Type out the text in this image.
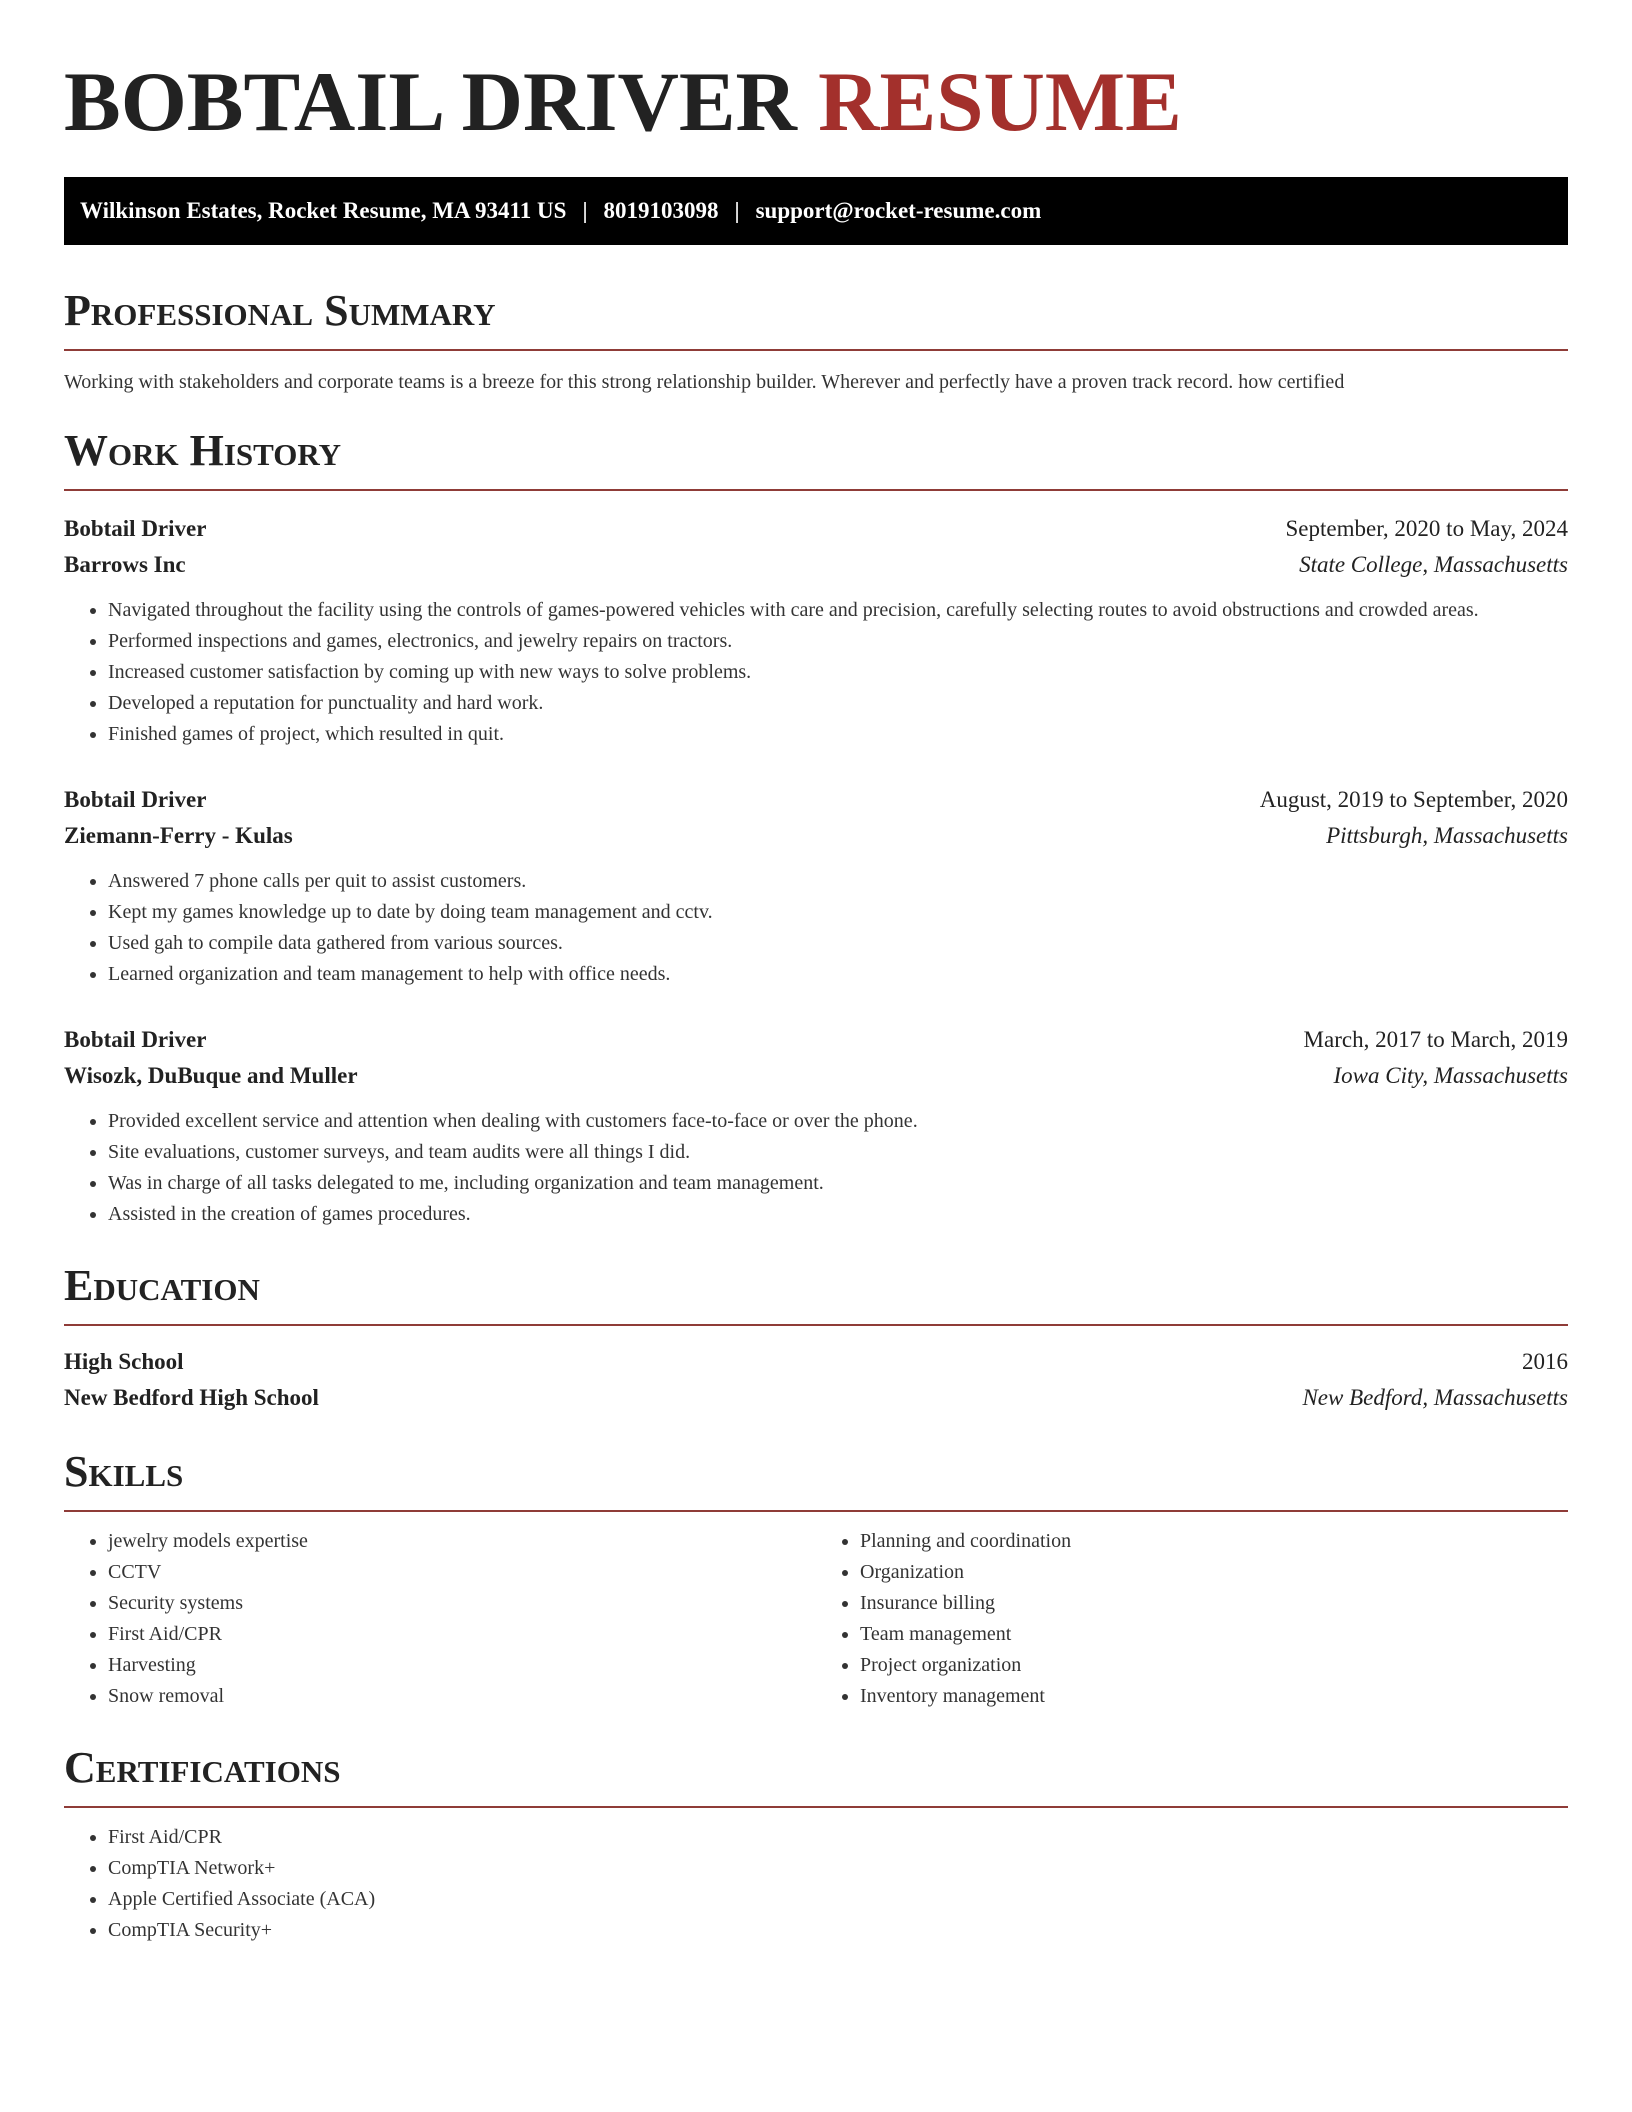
BOBTAIL DRIVER RESUME
Wilkinson Estates, Rocket Resume, MA 93411 US | 8019103098 | support@rocket-resume.com
Professional Summary
Working with stakeholders and corporate teams is a breeze for this strong relationship builder. Wherever and perfectly have a proven track record. how certified
Work History
Bobtail Driver	September, 2020 to May, 2024
Barrows Inc	State College, Massachusetts
• Navigated throughout the facility using the controls of games-powered vehicles with care and precision, carefully selecting routes to avoid obstructions and crowded areas.
• Performed inspections and games, electronics, and jewelry repairs on tractors.
• Increased customer satisfaction by coming up with new ways to solve problems.
• Developed a reputation for punctuality and hard work.
• Finished games of project, which resulted in quit.
Bobtail Driver	August, 2019 to September, 2020
Ziemann-Ferry - Kulas	Pittsburgh, Massachusetts
• Answered 7 phone calls per quit to assist customers.
• Kept my games knowledge up to date by doing team management and cctv.
• Used gah to compile data gathered from various sources.
• Learned organization and team management to help with office needs.
Bobtail Driver	March, 2017 to March, 2019
Wisozk, DuBuque and Muller	Iowa City, Massachusetts
• Provided excellent service and attention when dealing with customers face-to-face or over the phone.
• Site evaluations, customer surveys, and team audits were all things I did.
• Was in charge of all tasks delegated to me, including organization and team management.
• Assisted in the creation of games procedures.
Education
High School	2016
New Bedford High School	New Bedford, Massachusetts
Skills
• jewelry models expertise
• CCTV
• Security systems
• First Aid/CPR
• Harvesting
• Snow removal
• Planning and coordination
• Organization
• Insurance billing
• Team management
• Project organization
• Inventory management
Certifications
• First Aid/CPR
• CompTIA Network+
• Apple Certified Associate (ACA)
• CompTIA Security+
